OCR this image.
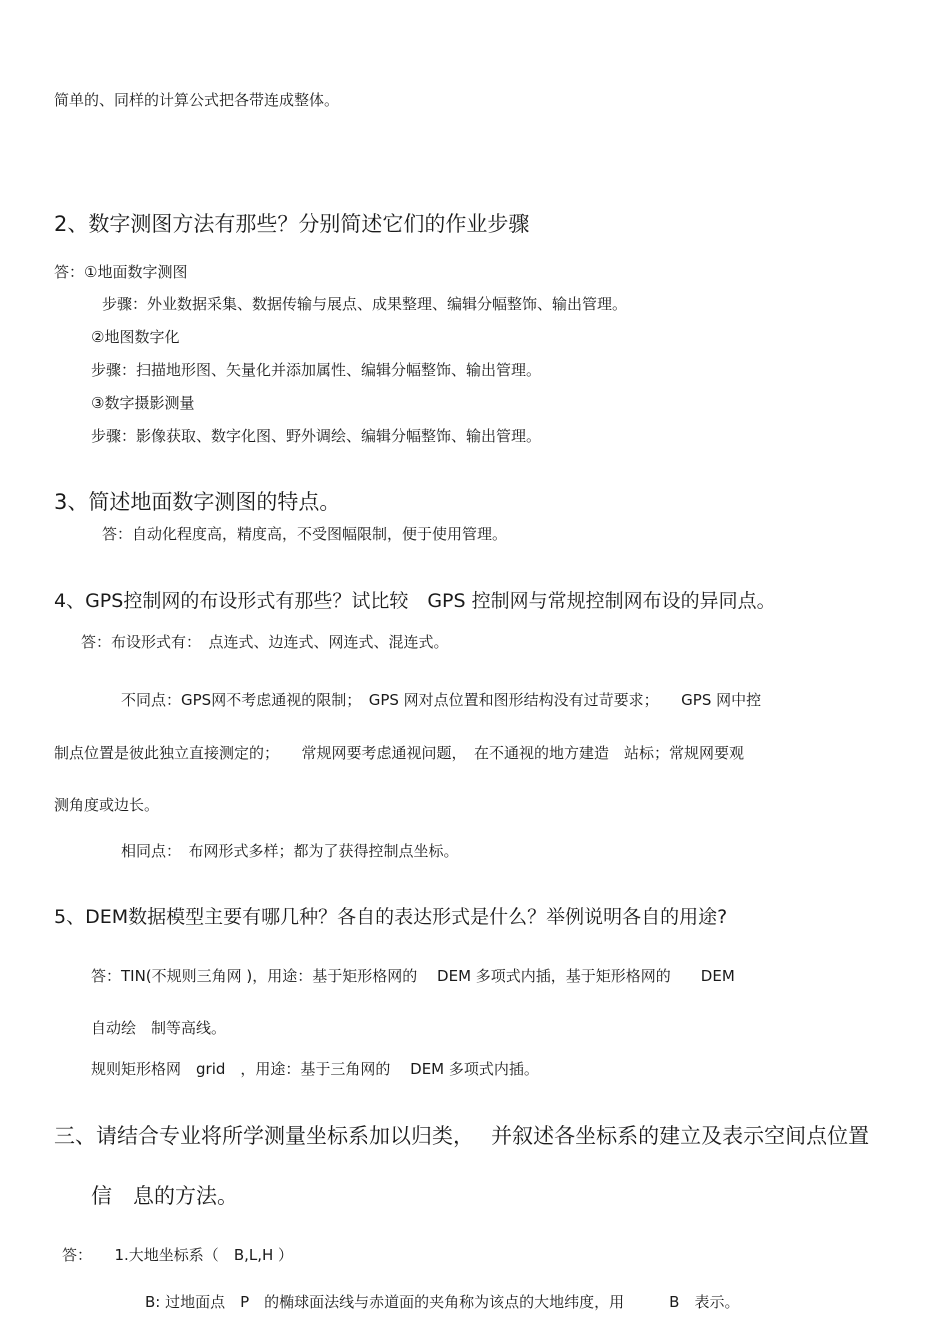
简单的、同样的计算公式把各带连成整体。
2、数字测图方法有那些？分别简述它们的作业步骤
答：①地面数字测图
步骤：外业数据采集、数据传输与展点、成果整理、编辑分幅整饰、输出管理。
②地图数字化
步骤：扫描地形图、矢量化并添加属性、编辑分幅整饰、输出管理。
③数字摄影测量
步骤：影像获取、数字化图、野外调绘、编辑分幅整饰、输出管理。
3、简述地面数字测图的特点。
答：自动化程度高，精度高，不受图幅限制，便于使用管理。
4、GPS控制网的布设形式有那些？试比较　GPS 控制网与常规控制网布设的异同点。
答：布设形式有：　点连式、边连式、网连式、混连式。
不同点：GPS网不考虑通视的限制；　GPS 网对点位置和图形结构没有过苛要求；　　GPS 网中控
制点位置是彼此独立直接测定的；　　常规网要考虑通视问题，　在不通视的地方建造　站标；常规网要观
测角度或边长。
相同点：　布网形式多样；都为了获得控制点坐标。
5、DEM数据模型主要有哪几种？各自的表达形式是什么？举例说明各自的用途?
答：TIN(不规则三角网 )，用途：基于矩形格网的　 DEM 多项式内插，基于矩形格网的　　DEM
自动绘　制等高线。
规则矩形格网　grid　，用途：基于三角网的　 DEM 多项式内插。
三、请结合专业将所学测量坐标系加以归类，　 并叙述各坐标系的建立及表示空间点位置
信　息的方法。
答：　　1.大地坐标系（　B,L,H ）
B: 过地面点　P　的椭球面法线与赤道面的夹角称为该点的大地纬度，用　　　B　表示。
